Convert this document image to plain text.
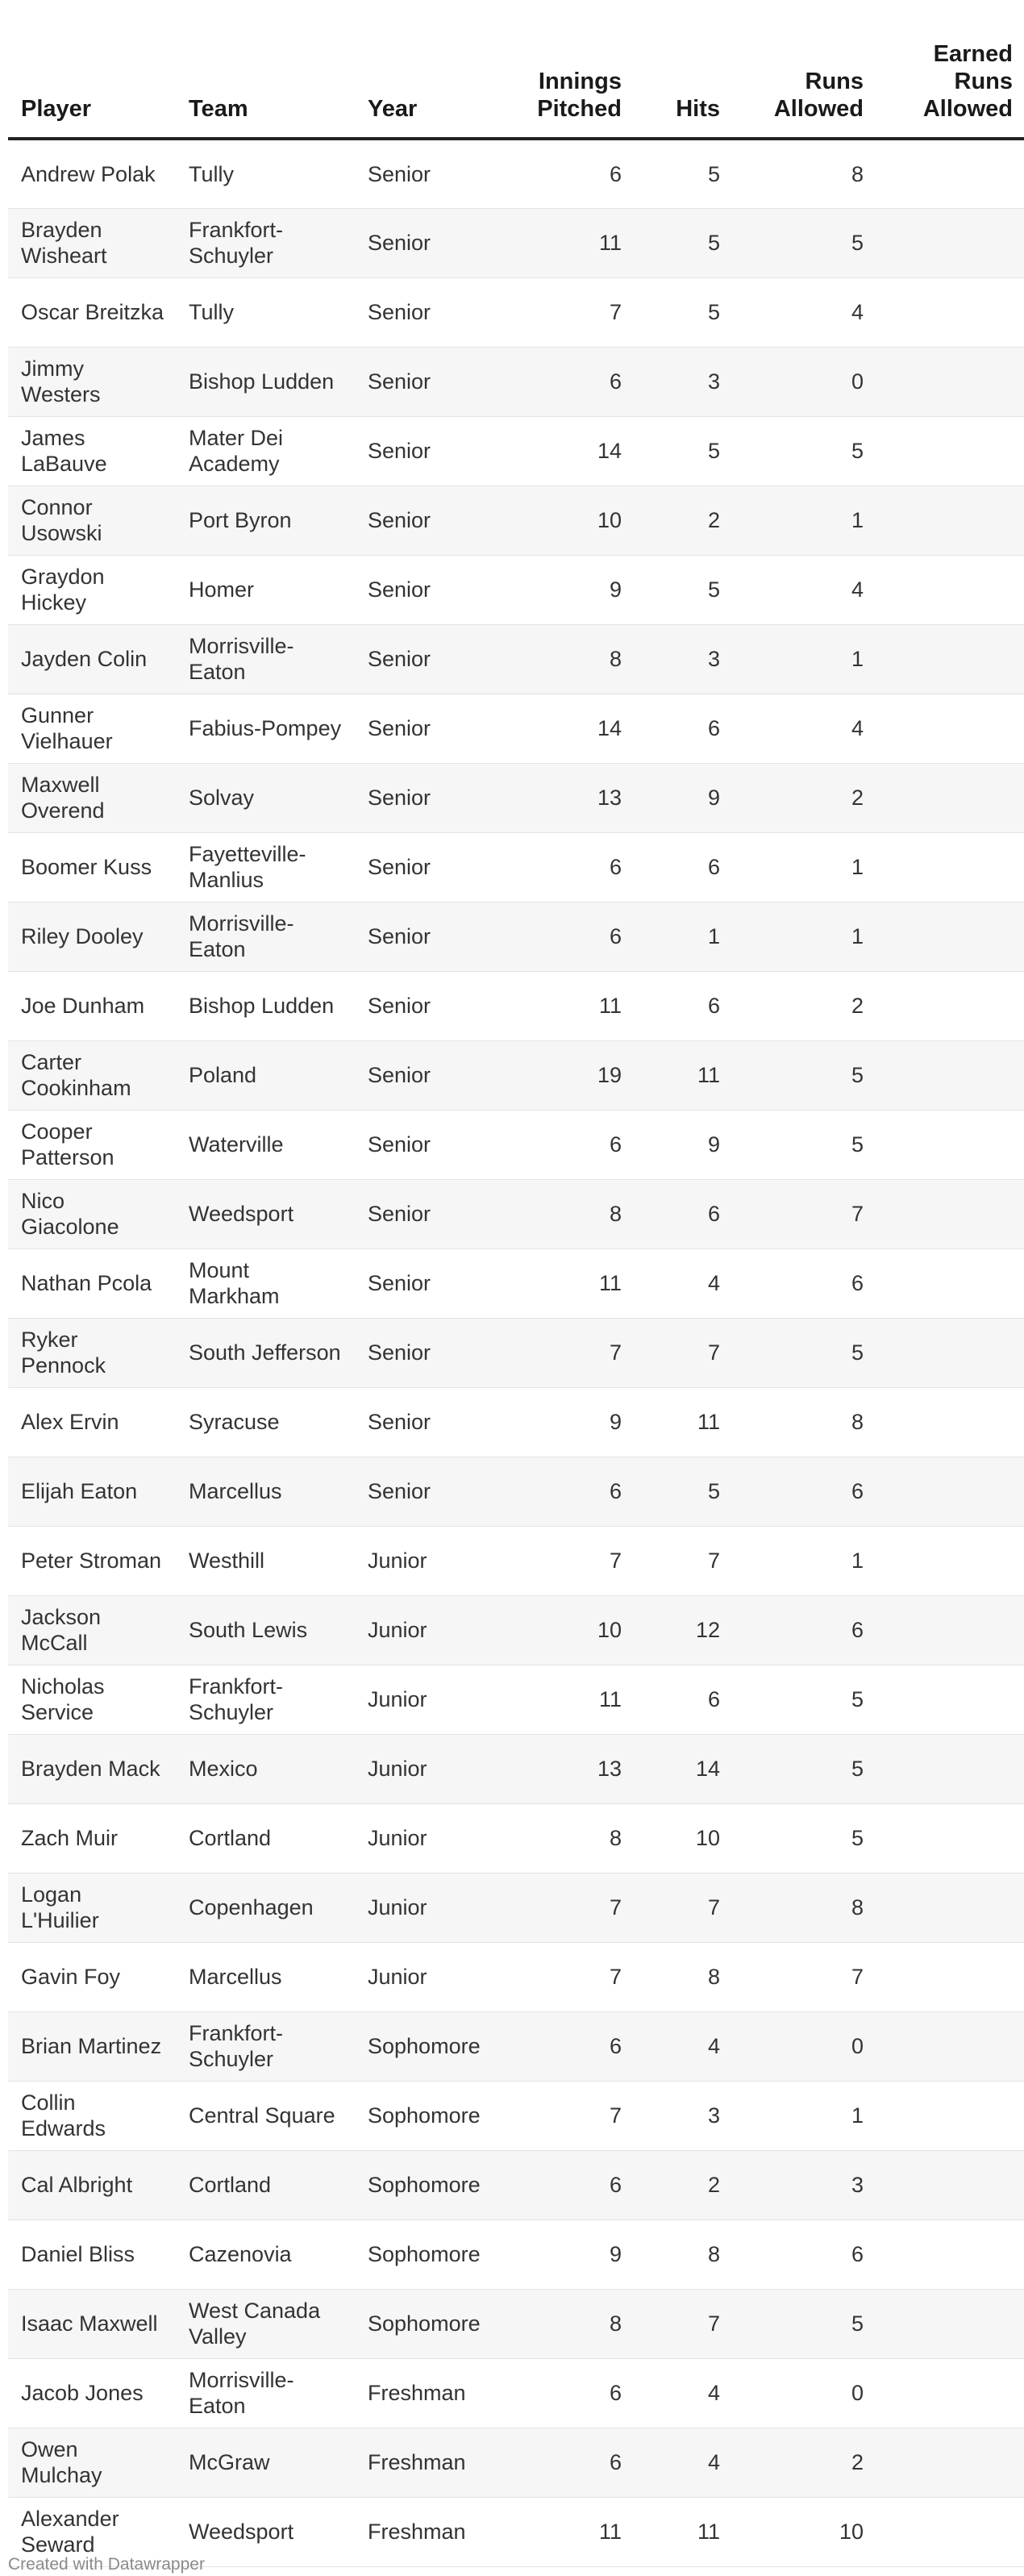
Player	Team	Year	Innings Pitched	Hits	Runs Allowed	Earned Runs Allowed
Andrew Polak	Tully	Senior	6	5	8	
Brayden Wisheart	Frankfort-Schuyler	Senior	11	5	5	
Oscar Breitzka	Tully	Senior	7	5	4	
Jimmy Westers	Bishop Ludden	Senior	6	3	0	
James LaBauve	Mater Dei Academy	Senior	14	5	5	
Connor Usowski	Port Byron	Senior	10	2	1	
Graydon Hickey	Homer	Senior	9	5	4	
Jayden Colin	Morrisville-Eaton	Senior	8	3	1	
Gunner Vielhauer	Fabius-Pompey	Senior	14	6	4	
Maxwell Overend	Solvay	Senior	13	9	2	
Boomer Kuss	Fayetteville-Manlius	Senior	6	6	1	
Riley Dooley	Morrisville-Eaton	Senior	6	1	1	
Joe Dunham	Bishop Ludden	Senior	11	6	2	
Carter Cookinham	Poland	Senior	19	11	5	
Cooper Patterson	Waterville	Senior	6	9	5	
Nico Giacolone	Weedsport	Senior	8	6	7	
Nathan Pcola	Mount Markham	Senior	11	4	6	
Ryker Pennock	South Jefferson	Senior	7	7	5	
Alex Ervin	Syracuse	Senior	9	11	8	
Elijah Eaton	Marcellus	Senior	6	5	6	
Peter Stroman	Westhill	Junior	7	7	1	
Jackson McCall	South Lewis	Junior	10	12	6	
Nicholas Service	Frankfort-Schuyler	Junior	11	6	5	
Brayden Mack	Mexico	Junior	13	14	5	
Zach Muir	Cortland	Junior	8	10	5	
Logan L'Huilier	Copenhagen	Junior	7	7	8	
Gavin Foy	Marcellus	Junior	7	8	7	
Brian Martinez	Frankfort-Schuyler	Sophomore	6	4	0	
Collin Edwards	Central Square	Sophomore	7	3	1	
Cal Albright	Cortland	Sophomore	6	2	3	
Daniel Bliss	Cazenovia	Sophomore	9	8	6	
Isaac Maxwell	West Canada Valley	Sophomore	8	7	5	
Jacob Jones	Morrisville-Eaton	Freshman	6	4	0	
Owen Mulchay	McGraw	Freshman	6	4	2	
Alexander Seward	Weedsport	Freshman	11	11	10	
Created with Datawrapper
